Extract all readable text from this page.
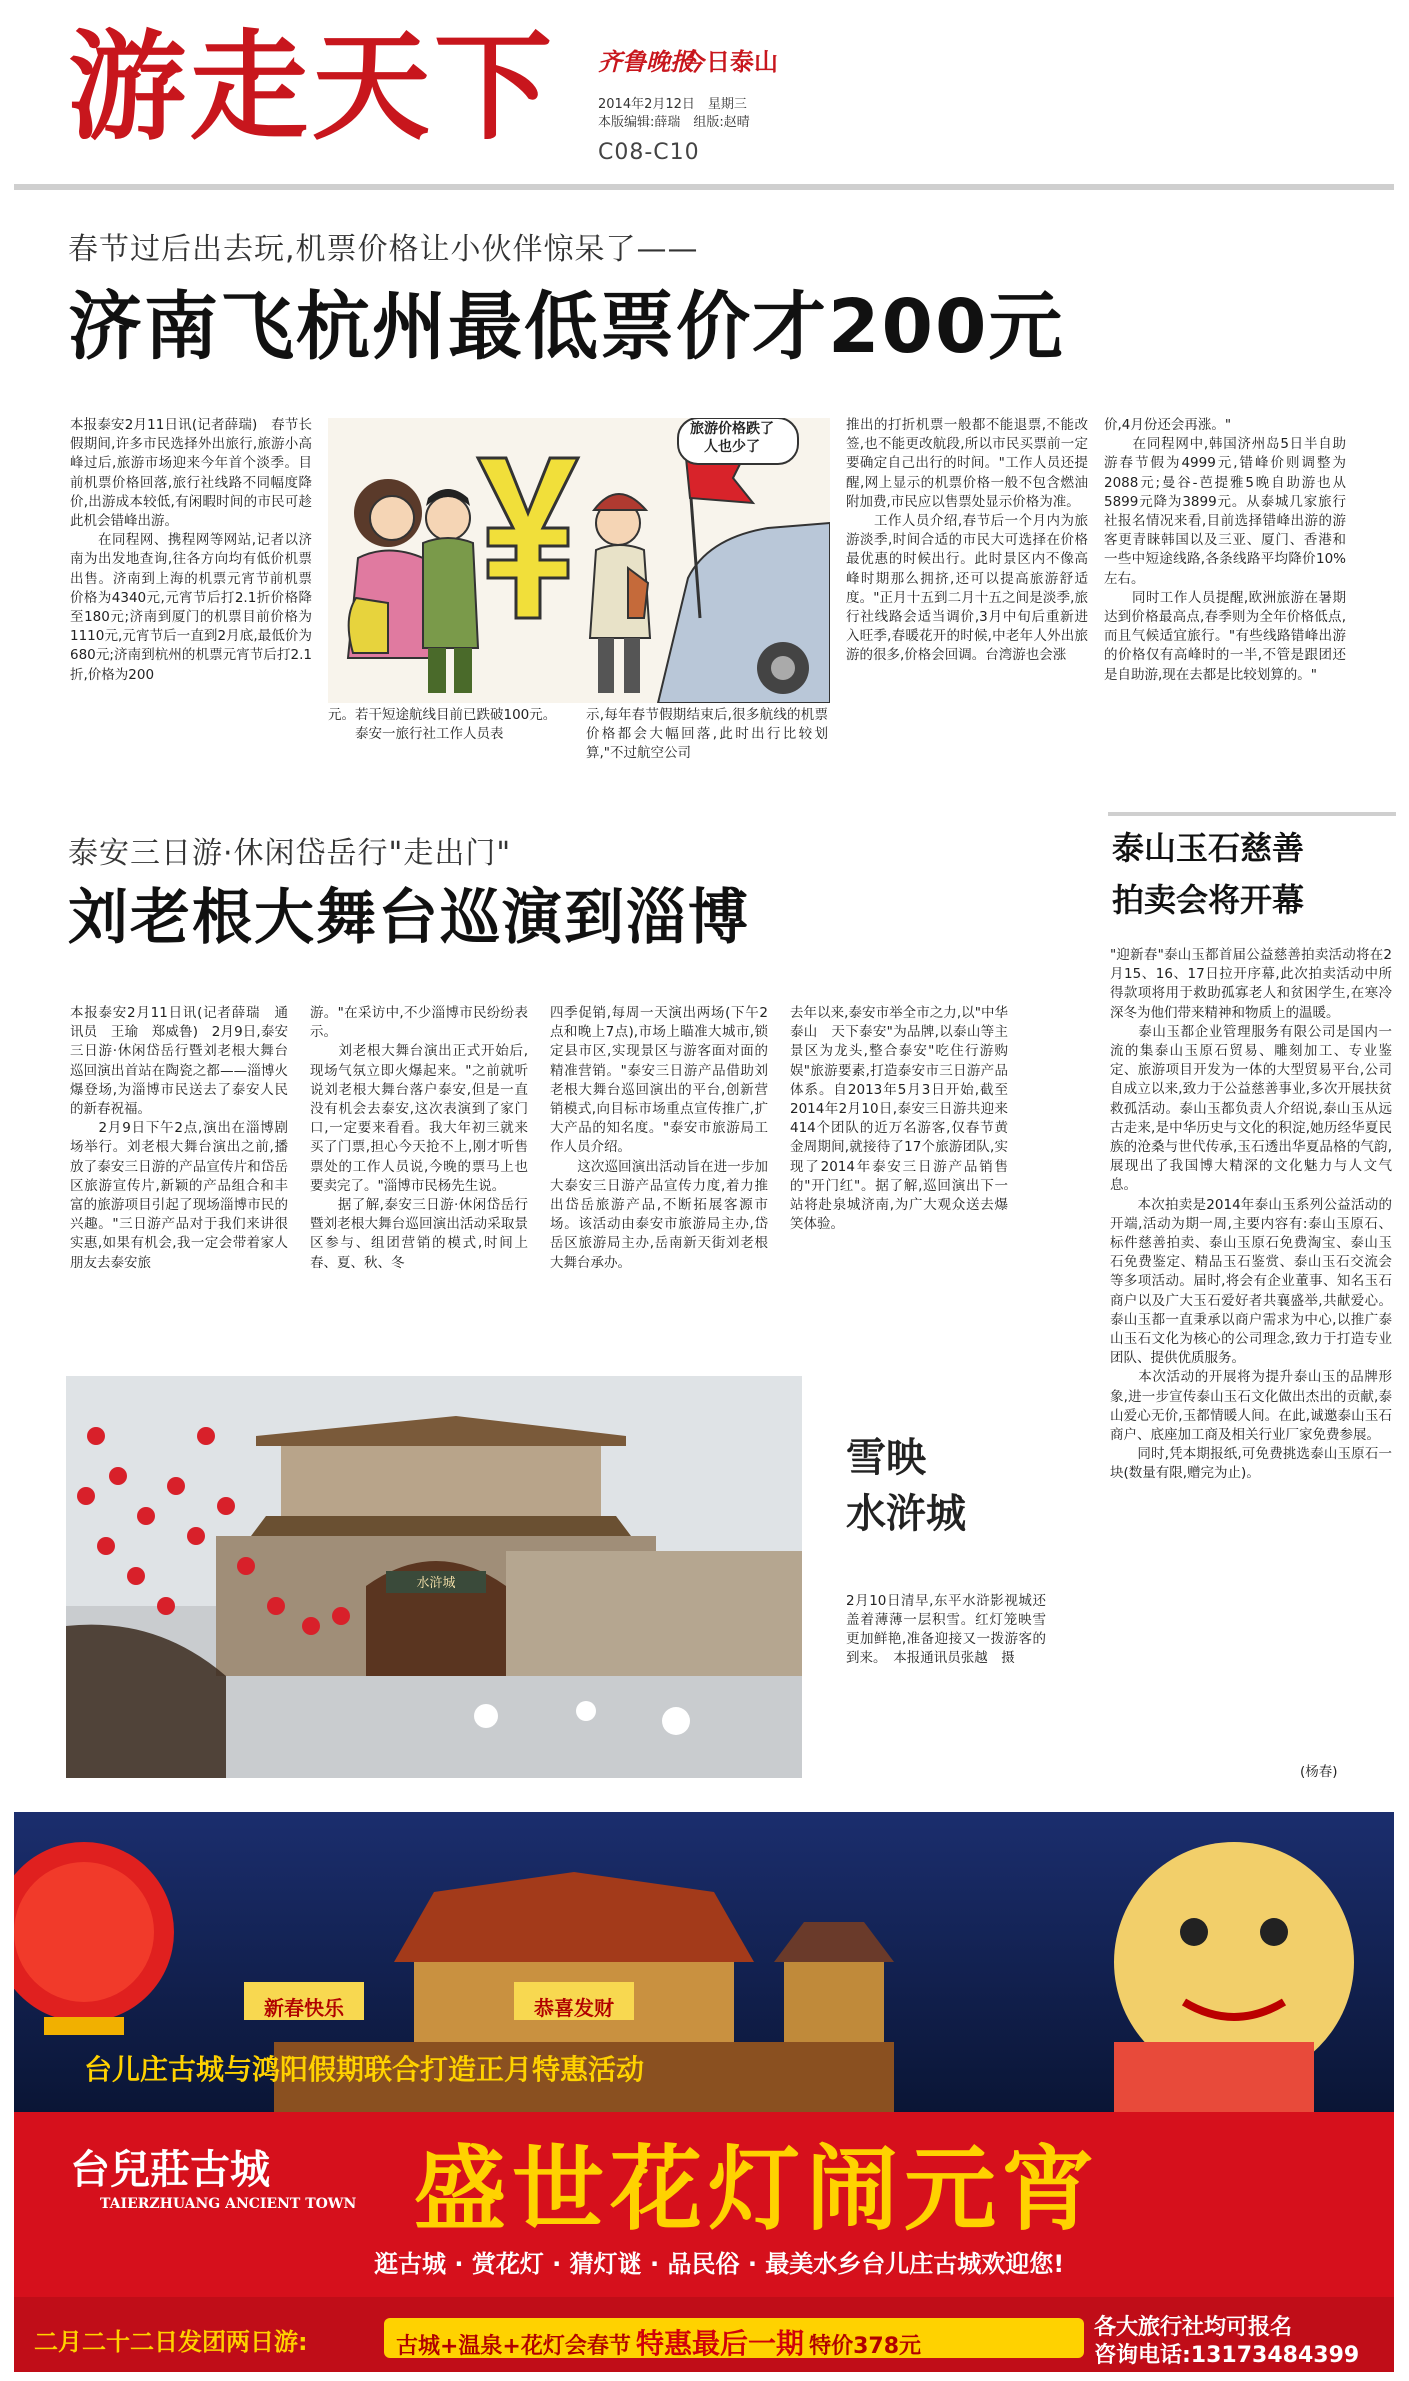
游走天下 齐鲁晚报
今日泰山
2014年2月12日　星期三
本版编辑:薛瑞　组版:赵晴
C08-C10
春节过后出去玩,机票价格让小伙伴惊呆了——
济南飞杭州最低票价才200元
本报泰安2月11日讯(记者薛瑞)　春节长假期间,许多市民选择外出旅行,旅游小高峰过后,旅游市场迎来今年首个淡季。目前机票价格回落,旅行社线路不同幅度降价,出游成本较低,有闲暇时间的市民可趁此机会错峰出游。
　　在同程网、携程网等网站,记者以济南为出发地查询,往各方向均有低价机票出售。济南到上海的机票元宵节前机票价格为4340元,元宵节后打2.1折价格降至180元;济南到厦门的机票目前价格为1110元,元宵节后一直到2月底,最低价为680元;济南到杭州的机票元宵节后打2.1折,价格为200
旅游价格跌了
人也少了
元。若干短途航线目前已跌破100元。
　　泰安一旅行社工作人员表
示,每年春节假期结束后,很多航线的机票价格都会大幅回落,此时出行比较划算,"不过航空公司
推出的打折机票一般都不能退票,不能改签,也不能更改航段,所以市民买票前一定要确定自己出行的时间。"工作人员还提醒,网上显示的机票价格一般不包含燃油附加费,市民应以售票处显示价格为准。
　　工作人员介绍,春节后一个月内为旅游淡季,时间合适的市民大可选择在价格最优惠的时候出行。此时景区内不像高峰时期那么拥挤,还可以提高旅游舒适度。"正月十五到二月十五之间是淡季,旅行社线路会适当调价,3月中旬后重新进入旺季,春暖花开的时候,中老年人外出旅游的很多,价格会回调。台湾游也会涨
价,4月份还会再涨。"
　　在同程网中,韩国济州岛5日半自助游春节假为4999元,错峰价则调整为2088元;曼谷-芭提雅5晚自助游也从5899元降为3899元。从泰城几家旅行社报名情况来看,目前选择错峰出游的游客更青睐韩国以及三亚、厦门、香港和一些中短途线路,各条线路平均降价10%左右。
　　同时工作人员提醒,欧洲旅游在暑期达到价格最高点,春季则为全年价格低点,而且气候适宜旅行。"有些线路错峰出游的价格仅有高峰时的一半,不管是跟团还是自助游,现在去都是比较划算的。"
泰安三日游·休闲岱岳行"走出门"
刘老根大舞台巡演到淄博
本报泰安2月11日讯(记者薛瑞　通讯员　王瑜　郑威鲁)　2月9日,泰安三日游·休闲岱岳行暨刘老根大舞台巡回演出首站在陶瓷之都——淄博火爆登场,为淄博市民送去了泰安人民的新春祝福。
　　2月9日下午2点,演出在淄博剧场举行。刘老根大舞台演出之前,播放了泰安三日游的产品宣传片和岱岳区旅游宣传片,新颖的产品组合和丰富的旅游项目引起了现场淄博市民的兴趣。"三日游产品对于我们来讲很实惠,如果有机会,我一定会带着家人朋友去泰安旅
游。"在采访中,不少淄博市民纷纷表示。
　　刘老根大舞台演出正式开始后,现场气氛立即火爆起来。"之前就听说刘老根大舞台落户泰安,但是一直没有机会去泰安,这次表演到了家门口,一定要来看看。我大年初三就来买了门票,担心今天抢不上,刚才听售票处的工作人员说,今晚的票马上也要卖完了。"淄博市民杨先生说。
　　据了解,泰安三日游·休闲岱岳行暨刘老根大舞台巡回演出活动采取景区参与、组团营销的模式,时间上春、夏、秋、冬
四季促销,每周一天演出两场(下午2点和晚上7点),市场上瞄准大城市,锁定县市区,实现景区与游客面对面的精准营销。"泰安三日游产品借助刘老根大舞台巡回演出的平台,创新营销模式,向目标市场重点宣传推广,扩大产品的知名度。"泰安市旅游局工作人员介绍。
　　这次巡回演出活动旨在进一步加大泰安三日游产品宣传力度,着力推出岱岳旅游产品,不断拓展客源市场。该活动由泰安市旅游局主办,岱岳区旅游局主办,岳南新天街刘老根大舞台承办。
去年以来,泰安市举全市之力,以"中华泰山　天下泰安"为品牌,以泰山等主景区为龙头,整合泰安"吃住行游购娱"旅游要素,打造泰安市三日游产品体系。自2013年5月3日开始,截至2014年2月10日,泰安三日游共迎来414个团队的近万名游客,仅春节黄金周期间,就接待了17个旅游团队,实现了2014年泰安三日游产品销售的"开门红"。据了解,巡回演出下一站将赴泉城济南,为广大观众送去爆笑体验。
水浒城
雪映
水浒城
2月10日清早,东平水浒影视城还盖着薄薄一层积雪。红灯笼映雪更加鲜艳,准备迎接又一拨游客的到来。　本报通讯员张越　摄
泰山玉石慈善
拍卖会将开幕
"迎新春"泰山玉都首届公益慈善拍卖活动将在2月15、16、17日拉开序幕,此次拍卖活动中所得款项将用于救助孤寡老人和贫困学生,在寒冷深冬为他们带来精神和物质上的温暖。
　　泰山玉都企业管理服务有限公司是国内一流的集泰山玉原石贸易、雕刻加工、专业鉴定、旅游项目开发为一体的大型贸易平台,公司自成立以来,致力于公益慈善事业,多次开展扶贫救孤活动。泰山玉都负责人介绍说,泰山玉从远古走来,是中华历史与文化的积淀,她历经华夏民族的沧桑与世代传承,玉石透出华夏品格的气韵,展现出了我国博大精深的文化魅力与人文气息。
　　本次拍卖是2014年泰山玉系列公益活动的开端,活动为期一周,主要内容有:泰山玉原石、标件慈善拍卖、泰山玉原石免费淘宝、泰山玉石免费鉴定、精品玉石鉴赏、泰山玉石交流会等多项活动。届时,将会有企业董事、知名玉石商户以及广大玉石爱好者共襄盛举,共献爱心。泰山玉都一直秉承以商户需求为中心,以推广泰山玉石文化为核心的公司理念,致力于打造专业团队、提供优质服务。
　　本次活动的开展将为提升泰山玉的品牌形象,进一步宣传泰山玉石文化做出杰出的贡献,泰山爱心无价,玉都情暖人间。在此,诚邀泰山玉石商户、底座加工商及相关行业厂家免费参展。
　　同时,凭本期报纸,可免费挑选泰山玉原石一块(数量有限,赠完为止)。
(杨春)
新春快乐	恭喜发财
台儿庄古城与鸿阳假期联合打造正月特惠活动
台兒莊古城
TAIERZHUANG ANCIENT TOWN 盛世花灯闹元宵
逛古城 · 赏花灯 · 猜灯谜 · 品民俗 · 最美水乡台儿庄古城欢迎您!
二月二十二日发团两日游:	古城+温泉+花灯会春节 特惠最后一期 特价378元
各大旅行社均可报名
咨询电话:13173484399
